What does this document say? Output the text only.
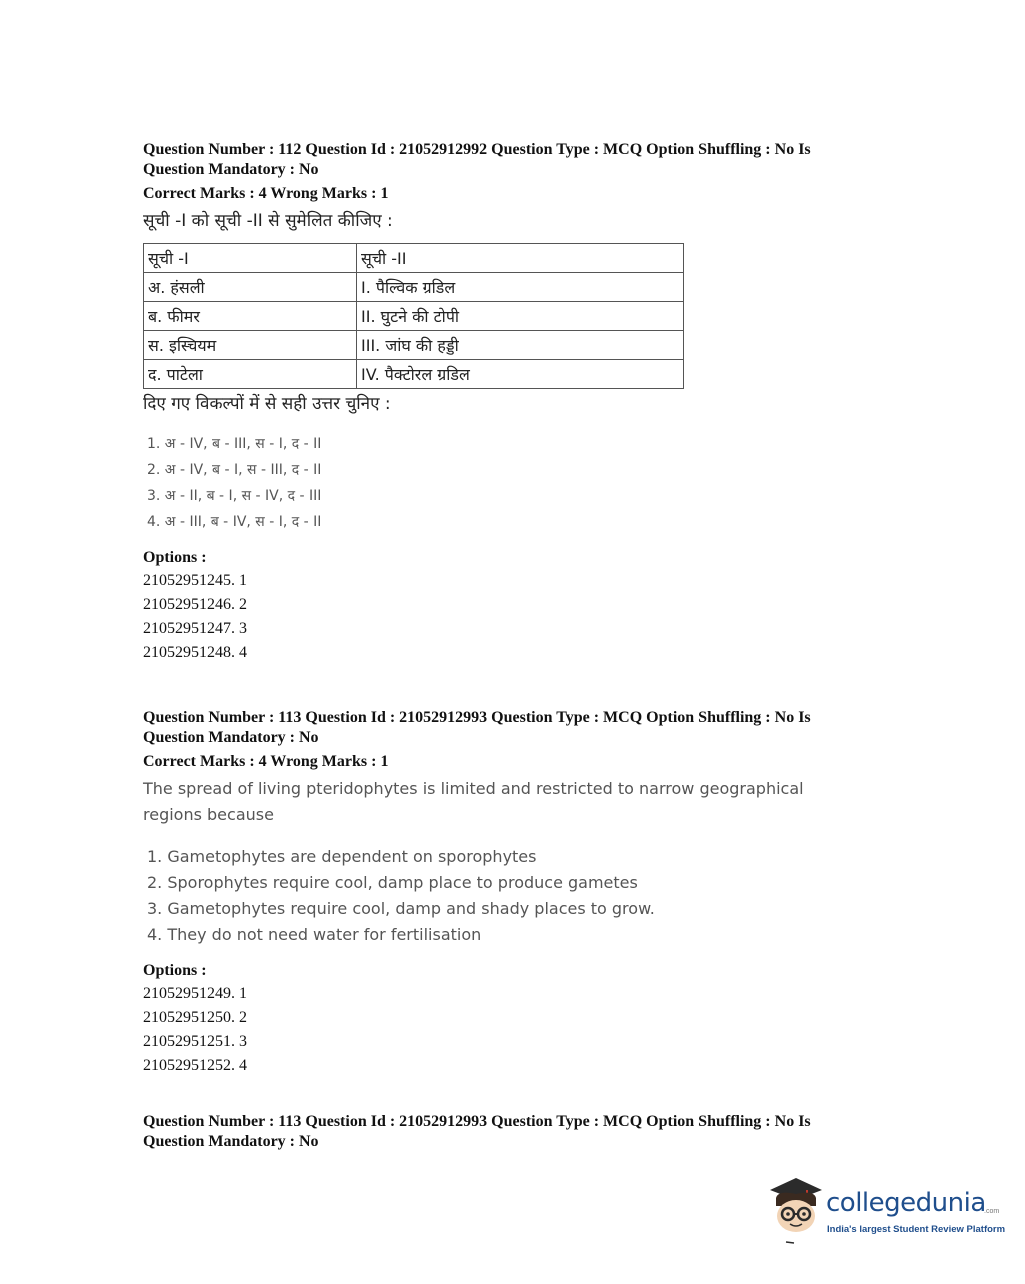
Question Number : 112 Question Id : 21052912992 Question Type : MCQ Option Shuffling : No Is
Question Mandatory : No
Correct Marks : 4 Wrong Marks : 1
सूची -I को सूची -II से सुमेलित कीजिए :
सूची -I	सूची -II
अ. हंसली	I. पैल्विक ग्रडिल
ब. फीमर	II. घुटने की टोपी
स. इस्चियम	III. जांघ की हड्डी
द. पाटेला	IV. पैक्टोरल ग्रडिल
दिए गए विकल्पों में से सही उत्तर चुनिए :
1. अ - IV, ब - III, स - I, द - II
2. अ - IV, ब - I, स - III, द - II
3. अ - II, ब - I, स - IV, द - III
4. अ - III, ब - IV, स - I, द - II
Options :
21052951245. 1
21052951246. 2
21052951247. 3
21052951248. 4
Question Number : 113 Question Id : 21052912993 Question Type : MCQ Option Shuffling : No Is
Question Mandatory : No
Correct Marks : 4 Wrong Marks : 1
The spread of living pteridophytes is limited and restricted to narrow geographical regions because
1. Gametophytes are dependent on sporophytes
2. Sporophytes require cool, damp place to produce gametes
3. Gametophytes require cool, damp and shady places to grow.
4. They do not need water for fertilisation
Options :
21052951249. 1
21052951250. 2
21052951251. 3
21052951252. 4
Question Number : 113 Question Id : 21052912993 Question Type : MCQ Option Shuffling : No Is
Question Mandatory : No
collegedunia
.com
India's largest Student Review Platform
